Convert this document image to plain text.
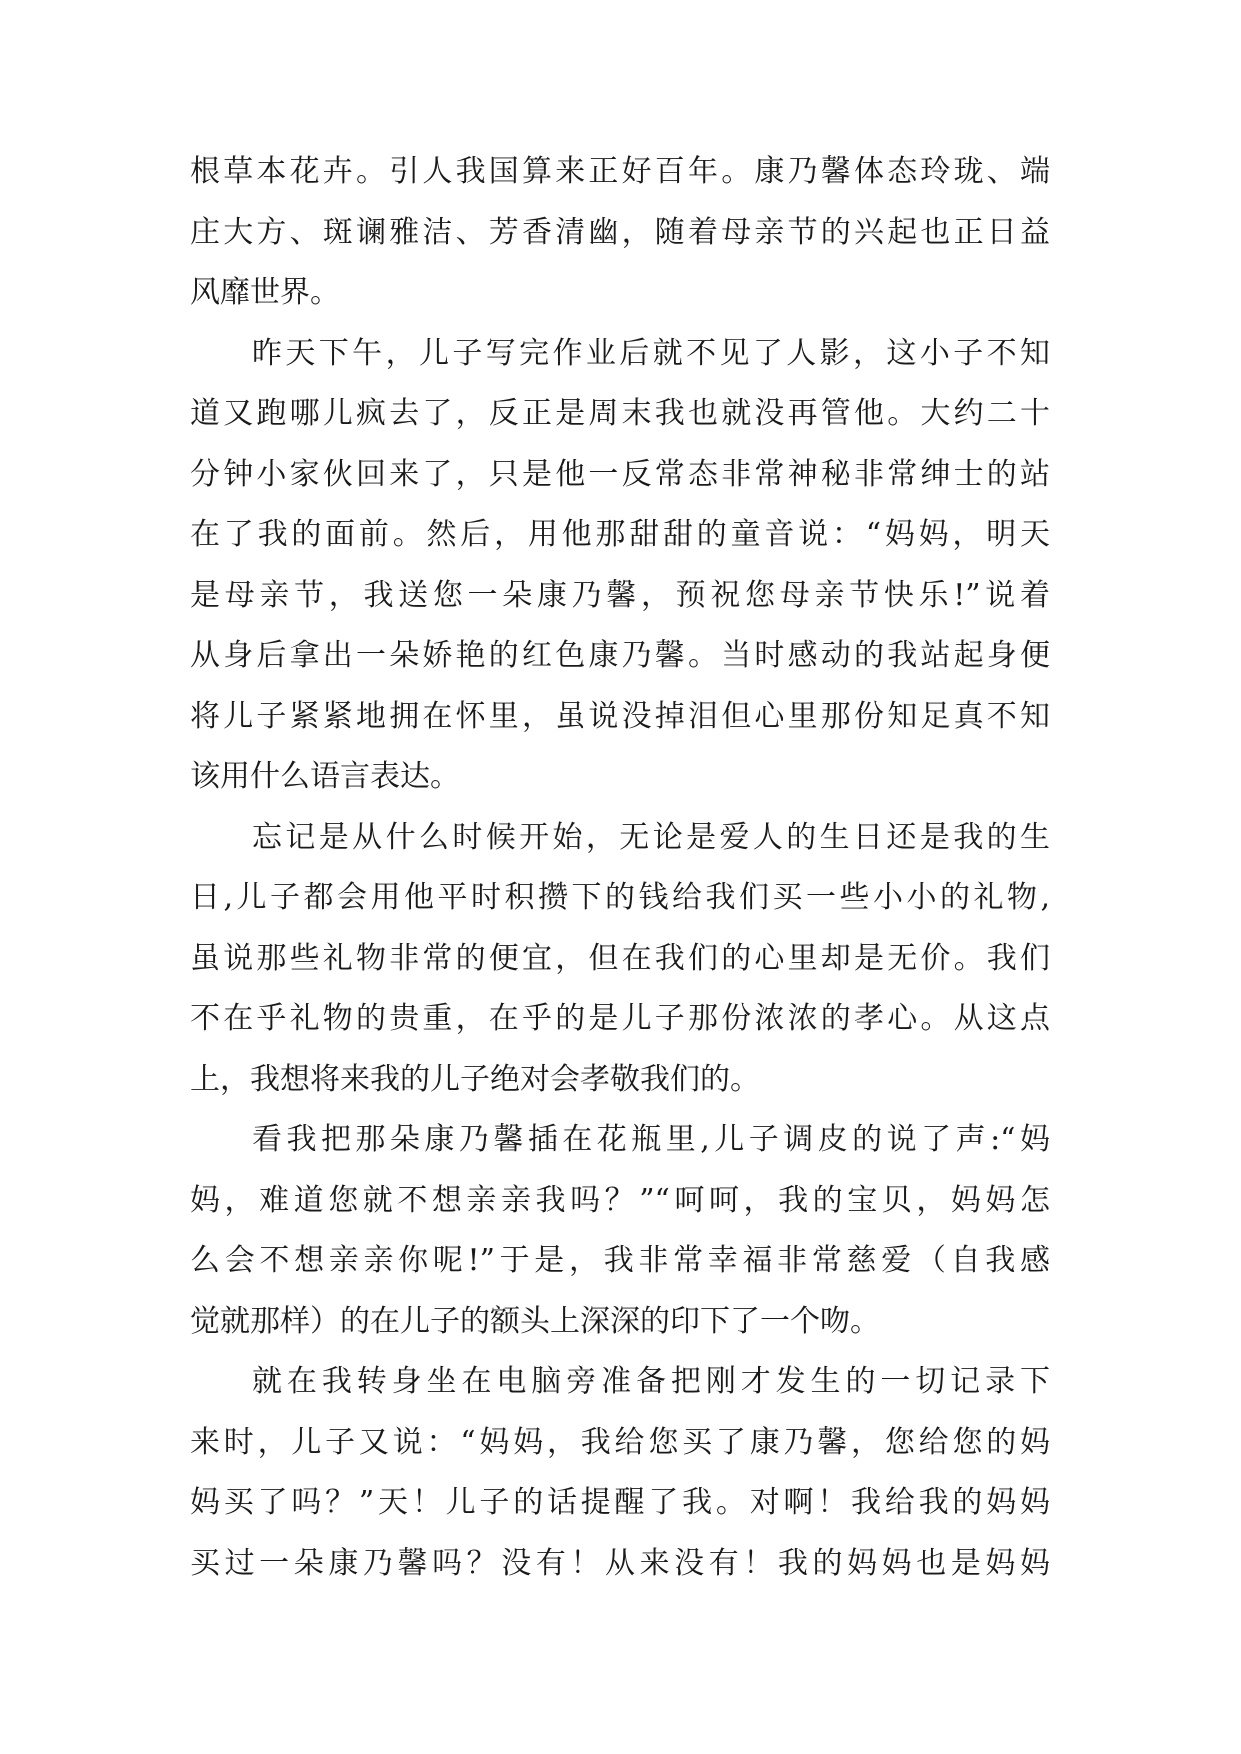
根草本花卉。引人我国算来正好百年。康乃馨体态玲珑、端
庄大方、斑谰雅洁、芳香清幽，随着母亲节的兴起也正日益
风靡世界。
昨天下午，儿子写完作业后就不见了人影，这小子不知
道又跑哪儿疯去了，反正是周末我也就没再管他。大约二十
分钟小家伙回来了，只是他一反常态非常神秘非常绅士的站
在了我的面前。然后，用他那甜甜的童音说：“妈妈，明天
是母亲节，我送您一朵康乃馨，预祝您母亲节快乐!”说着
从身后拿出一朵娇艳的红色康乃馨。当时感动的我站起身便
将儿子紧紧地拥在怀里，虽说没掉泪但心里那份知足真不知
该用什么语言表达。
忘记是从什么时候开始，无论是爱人的生日还是我的生
日,儿子都会用他平时积攒下的钱给我们买一些小小的礼物,
虽说那些礼物非常的便宜，但在我们的心里却是无价。我们
不在乎礼物的贵重，在乎的是儿子那份浓浓的孝心。从这点
上，我想将来我的儿子绝对会孝敬我们的。
看我把那朵康乃馨插在花瓶里,儿子调皮的说了声:“妈
妈，难道您就不想亲亲我吗？”“呵呵，我的宝贝，妈妈怎
么会不想亲亲你呢!”于是，我非常幸福非常慈爱（自我感
觉就那样）的在儿子的额头上深深的印下了一个吻。
就在我转身坐在电脑旁准备把刚才发生的一切记录下
来时，儿子又说：“妈妈，我给您买了康乃馨，您给您的妈
妈买了吗？”天！儿子的话提醒了我。对啊！我给我的妈妈
买过一朵康乃馨吗？没有！从来没有！我的妈妈也是妈妈
